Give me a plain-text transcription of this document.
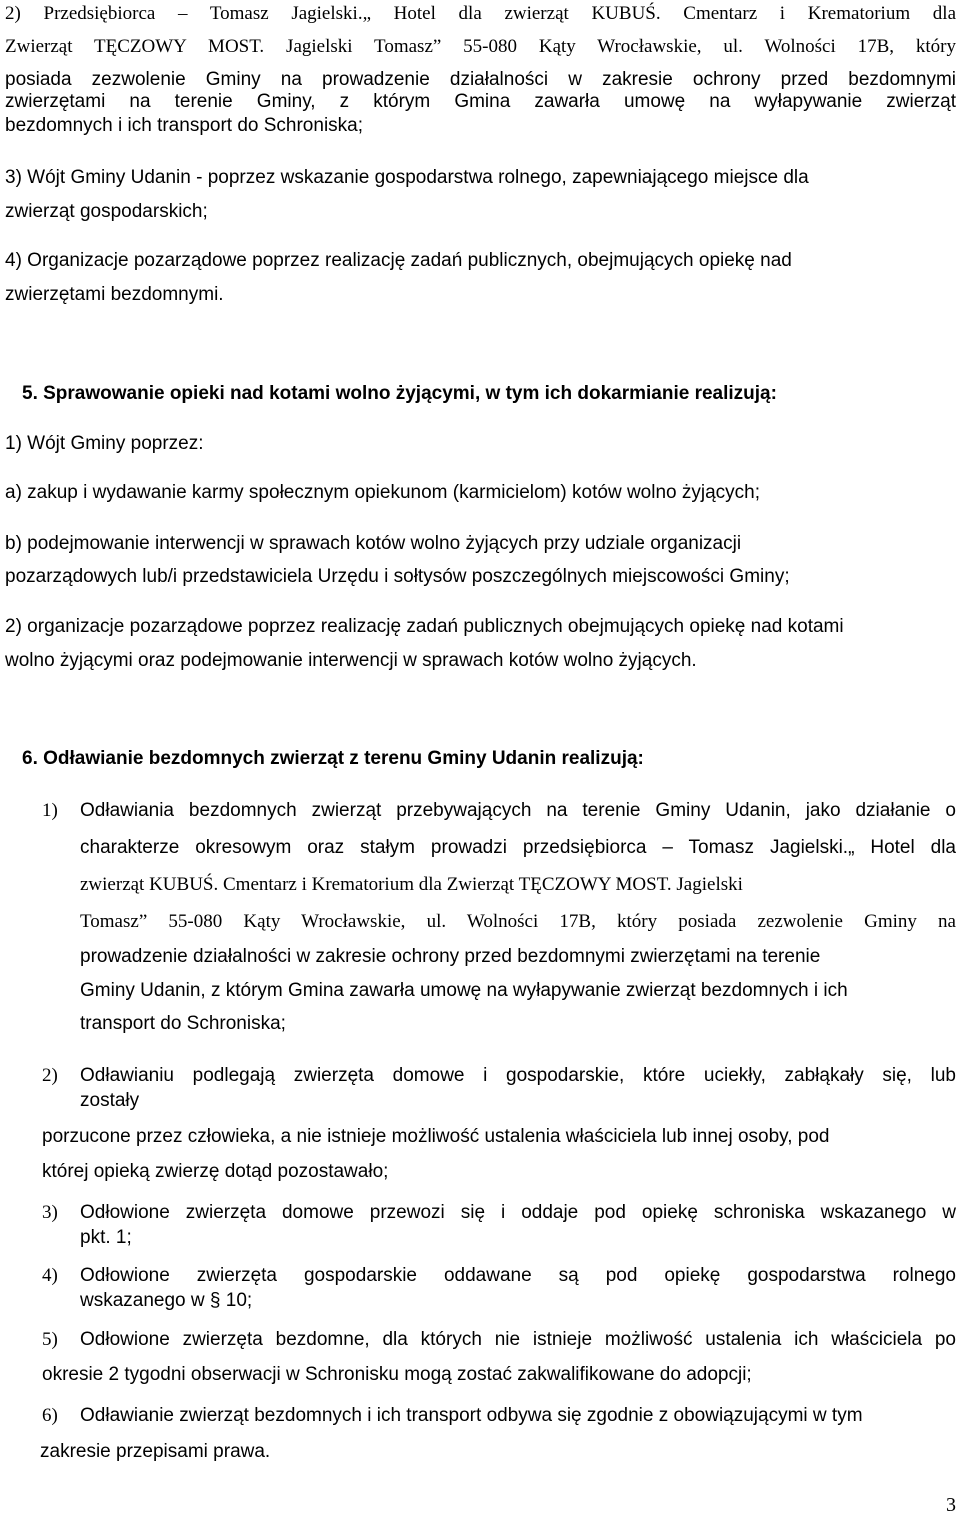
2) Przedsiębiorca – Tomasz Jagielski.„ Hotel dla zwierząt KUBUŚ. Cmentarz i Krematorium dla

Zwierząt TĘCZOWY MOST. Jagielski Tomasz” 55-080 Kąty Wrocławskie, ul. Wolności 17B, który

posiada zezwolenie Gminy na prowadzenie działalności w zakresie ochrony przed bezdomnymi

zwierzętami na terenie Gminy, z którym Gmina zawarła umowę na wyłapywanie zwierząt

bezdomnych i ich transport do Schroniska;

3) Wójt Gminy Udanin - poprzez wskazanie gospodarstwa rolnego, zapewniającego miejsce dla

zwierząt gospodarskich;

4) Organizacje pozarządowe poprzez realizację zadań publicznych, obejmujących opiekę nad

zwierzętami bezdomnymi.

5. Sprawowanie opieki nad kotami wolno żyjącymi, w tym ich dokarmianie realizują:

1) Wójt Gminy poprzez:

a) zakup i wydawanie karmy społecznym opiekunom (karmicielom) kotów wolno żyjących;

b) podejmowanie interwencji w sprawach kotów wolno żyjących przy udziale organizacji

pozarządowych lub/i przedstawiciela Urzędu i sołtysów poszczególnych miejscowości Gminy;

2) organizacje pozarządowe poprzez realizację zadań publicznych obejmujących opiekę nad kotami

wolno żyjącymi oraz podejmowanie interwencji w sprawach kotów wolno żyjących.

6. Odławianie bezdomnych zwierząt z terenu Gminy Udanin realizują:

1)	Odławiania bezdomnych zwierząt przebywających na terenie Gminy Udanin, jako działanie o

charakterze okresowym oraz stałym prowadzi przedsiębiorca – Tomasz Jagielski.„ Hotel dla

zwierząt KUBUŚ. Cmentarz i Krematorium dla Zwierząt TĘCZOWY MOST. Jagielski

Tomasz” 55-080 Kąty Wrocławskie, ul. Wolności 17B, który posiada zezwolenie Gminy na

prowadzenie działalności w zakresie ochrony przed bezdomnymi zwierzętami na terenie

Gminy Udanin, z którym Gmina zawarła umowę na wyłapywanie zwierząt bezdomnych i ich

transport do Schroniska;

2)	Odławianiu podlegają zwierzęta domowe i gospodarskie, które uciekły, zabłąkały się, lub

zostały

porzucone przez człowieka, a nie istnieje możliwość ustalenia właściciela lub innej osoby, pod

której opieką zwierzę dotąd pozostawało;

3)	Odłowione zwierzęta domowe przewozi się i oddaje pod opiekę schroniska wskazanego w

pkt. 1;

4)	Odłowione zwierzęta gospodarskie oddawane są pod opiekę gospodarstwa rolnego

wskazanego w § 10;

5)	Odłowione zwierzęta bezdomne, dla których nie istnieje możliwość ustalenia ich właściciela po

okresie 2 tygodni obserwacji w Schronisku mogą zostać zakwalifikowane do adopcji;

6)	Odławianie zwierząt bezdomnych i ich transport odbywa się zgodnie z obowiązującymi w tym

zakresie przepisami prawa.

3
